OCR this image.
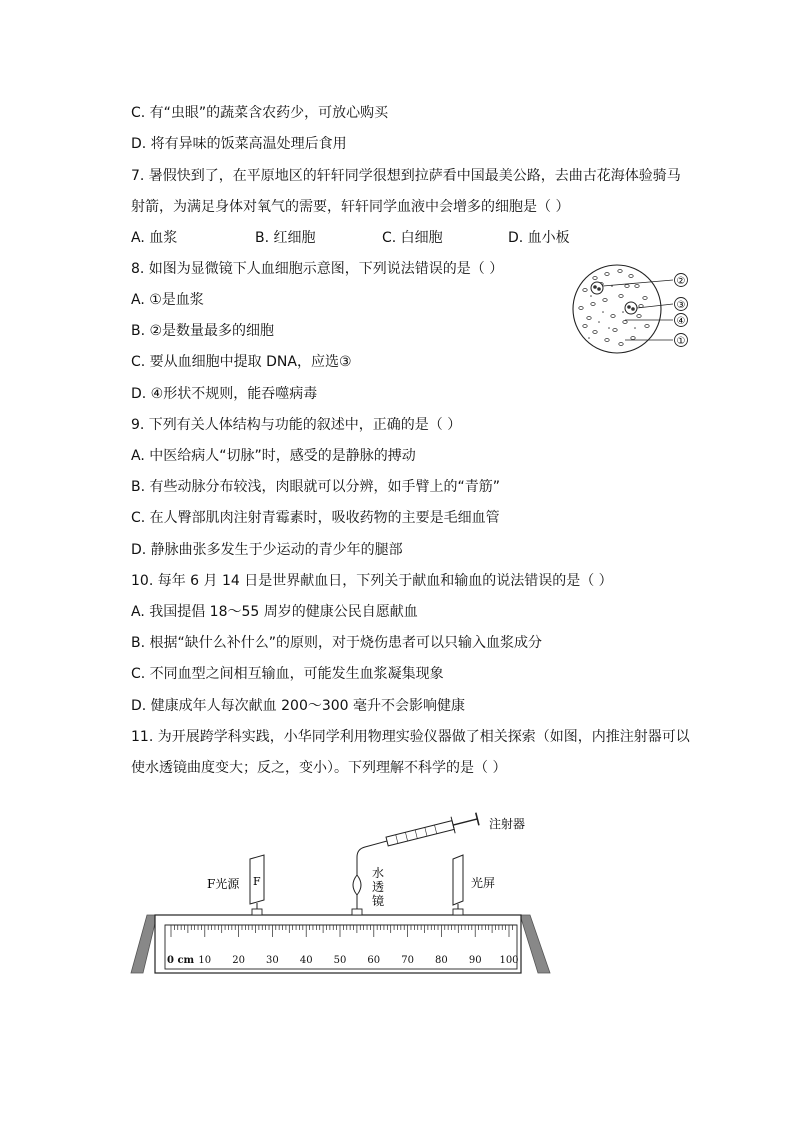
C. 有“虫眼”的蔬菜含农药少，可放心购买
D. 将有异味的饭菜高温处理后食用
7. 暑假快到了，在平原地区的轩轩同学很想到拉萨看中国最美公路，去曲古花海体验骑马
射箭，为满足身体对氧气的需要，轩轩同学血液中会增多的细胞是（ ）
A. 血浆	B. 红细胞	C. 白细胞	D. 血小板
8. 如图为显微镜下人血细胞示意图，下列说法错误的是（ ）
A. ①是血浆
B. ②是数量最多的细胞
C. 要从血细胞中提取 DNA，应选③
D. ④形状不规则，能吞噬病毒
②
③
④
①
9. 下列有关人体结构与功能的叙述中，正确的是（ ）
A. 中医给病人“切脉”时，感受的是静脉的搏动
B. 有些动脉分布较浅，肉眼就可以分辨，如手臂上的“青筋”
C. 在人臀部肌肉注射青霉素时，吸收药物的主要是毛细血管
D. 静脉曲张多发生于少运动的青少年的腿部
10. 每年 6 月 14 日是世界献血日，下列关于献血和输血的说法错误的是（ ）
A. 我国提倡 18～55 周岁的健康公民自愿献血
B. 根据“缺什么补什么”的原则，对于烧伤患者可以只输入血浆成分
C. 不同血型之间相互输血，可能发生血浆凝集现象
D. 健康成年人每次献血 200～300 毫升不会影响健康
11. 为开展跨学科实践，小华同学利用物理实验仪器做了相关探索（如图，内推注射器可以
使水透镜曲度变大；反之，变小）。下列理解不科学的是（ ）
0 cm 10 20 30 40 50 60 70 80 90 100
F
F光源
水
透
镜
注射器
光屏
